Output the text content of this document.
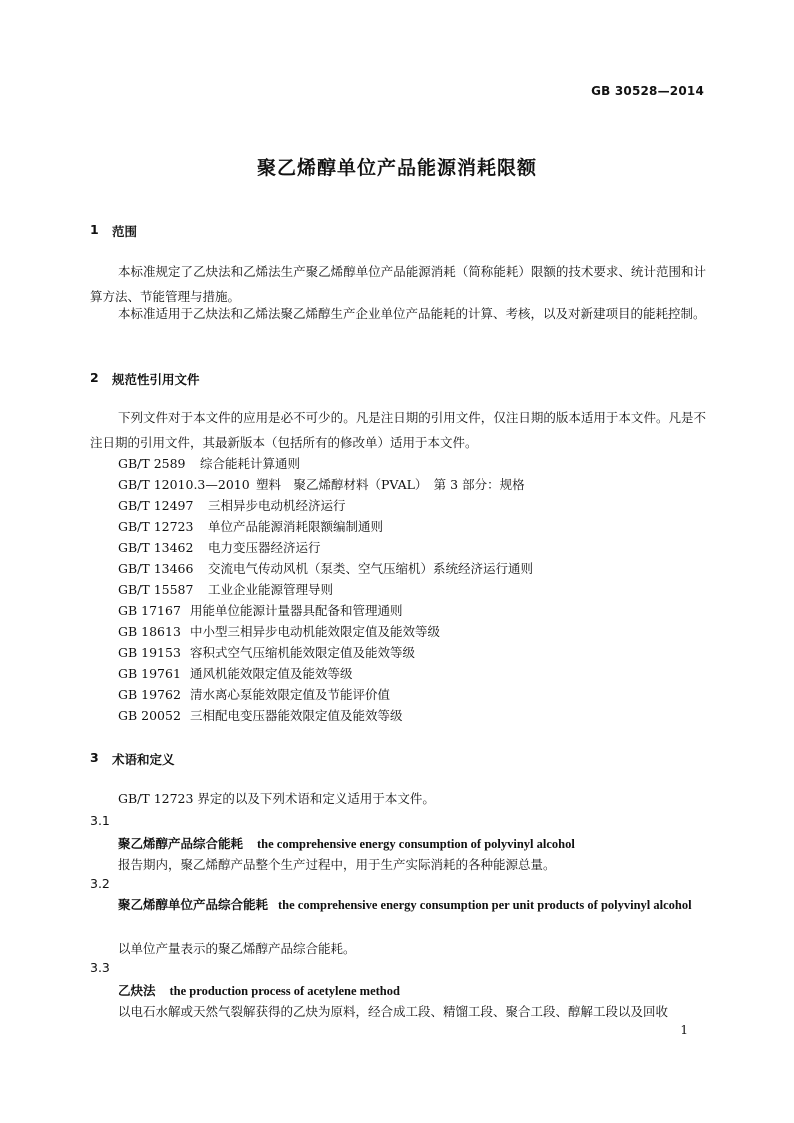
GB 30528—2014
聚乙烯醇单位产品能源消耗限额
1 范围
本标准规定了乙炔法和乙烯法生产聚乙烯醇单位产品能源消耗（简称能耗）限额的技术要求、统计范围和计算方法、节能管理与措施。
本标准适用于乙炔法和乙烯法聚乙烯醇生产企业单位产品能耗的计算、考核，以及对新建项目的能耗控制。
2 规范性引用文件
下列文件对于本文件的应用是必不可少的。凡是注日期的引用文件，仅注日期的版本适用于本文件。凡是不注日期的引用文件，其最新版本（包括所有的修改单）适用于本文件。
GB/T 2589 综合能耗计算通则
GB/T 12010.3—2010 塑料　聚乙烯醇材料（PVAL）　第 3 部分：规格
GB/T 12497 三相异步电动机经济运行
GB/T 12723 单位产品能源消耗限额编制通则
GB/T 13462 电力变压器经济运行
GB/T 13466 交流电气传动风机（泵类、空气压缩机）系统经济运行通则
GB/T 15587 工业企业能源管理导则
GB 17167 用能单位能源计量器具配备和管理通则
GB 18613 中小型三相异步电动机能效限定值及能效等级
GB 19153 容积式空气压缩机能效限定值及能效等级
GB 19761 通风机能效限定值及能效等级
GB 19762 清水离心泵能效限定值及节能评价值
GB 20052 三相配电变压器能效限定值及能效等级
3 术语和定义
GB/T 12723 界定的以及下列术语和定义适用于本文件。
3.1
聚乙烯醇产品综合能耗 the comprehensive energy consumption of polyvinyl alcohol
报告期内，聚乙烯醇产品整个生产过程中，用于生产实际消耗的各种能源总量。
3.2
聚乙烯醇单位产品综合能耗 the comprehensive energy consumption per unit products of polyvinyl alcohol
以单位产量表示的聚乙烯醇产品综合能耗。
3.3
乙炔法 the production process of acetylene method
以电石水解或天然气裂解获得的乙炔为原料，经合成工段、精馏工段、聚合工段、醇解工段以及回收
1
